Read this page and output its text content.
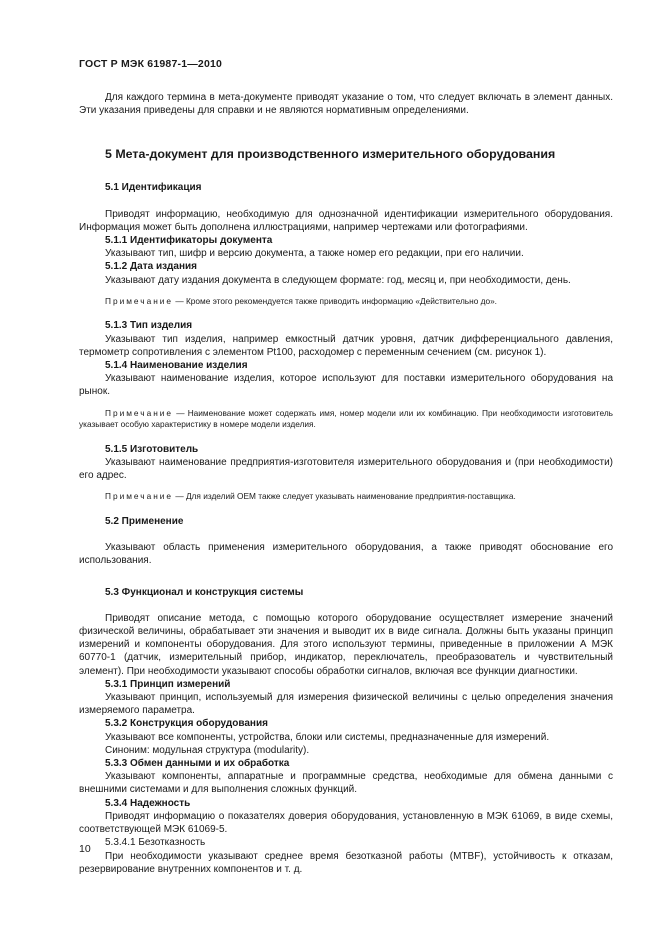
ГОСТ Р МЭК 61987-1—2010

Для каждого термина в мета-документе приводят указание о том, что следует включать в элемент данных. Эти указания приведены для справки и не являются нормативным определениями.

5 Мета-документ для производственного измерительного оборудования
5.1 Идентификация

Приводят информацию, необходимую для однозначной идентификации измерительного оборудования. Информация может быть дополнена иллюстрациями, например чертежами или фотографиями.

5.1.1 Идентификаторы документа

Указывают тип, шифр и версию документа, а также номер его редакции, при его наличии.

5.1.2 Дата издания

Указывают дату издания документа в следующем формате: год, месяц и, при необходимости, день.

Примечание — Кроме этого рекомендуется также приводить информацию «Действительно до».

5.1.3 Тип изделия

Указывают тип изделия, например емкостный датчик уровня, датчик дифференциального давления, термометр сопротивления с элементом Pt100, расходомер с переменным сечением (см. рисунок 1).

5.1.4 Наименование изделия

Указывают наименование изделия, которое используют для поставки измерительного оборудования на рынок.

Примечание — Наименование может содержать имя, номер модели или их комбинацию. При необходимости изготовитель указывает особую характеристику в номере модели изделия.

5.1.5 Изготовитель

Указывают наименование предприятия-изготовителя измерительного оборудования и (при необходимости) его адрес.

Примечание — Для изделий OEM также следует указывать наименование предприятия-поставщика.

5.2 Применение

Указывают область применения измерительного оборудования, а также приводят обоснование его использования.

5.3 Функционал и конструкция системы

Приводят описание метода, с помощью которого оборудование осуществляет измерение значений физической величины, обрабатывает эти значения и выводит их в виде сигнала. Должны быть указаны принцип измерений и компоненты оборудования. Для этого используют термины, приведенные в приложении А МЭК 60770-1 (датчик, измерительный прибор, индикатор, переключатель, преобразователь и чувствительный элемент). При необходимости указывают способы обработки сигналов, включая все функции диагностики.

5.3.1 Принцип измерений

Указывают принцип, используемый для измерения физической величины с целью определения значения измеряемого параметра.

5.3.2 Конструкция оборудования

Указывают все компоненты, устройства, блоки или системы, предназначенные для измерений.

Синоним: модульная структура (modularity).

5.3.3 Обмен данными и их обработка

Указывают компоненты, аппаратные и программные средства, необходимые для обмена данными с внешними системами и для выполнения сложных функций.

5.3.4 Надежность

Приводят информацию о показателях доверия оборудования, установленную в МЭК 61069, в виде схемы, соответствующей МЭК 61069-5.

5.3.4.1 Безотказность

При необходимости указывают среднее время безотказной работы (MTBF), устойчивость к отказам, резервирование внутренних компонентов и т. д.

10
